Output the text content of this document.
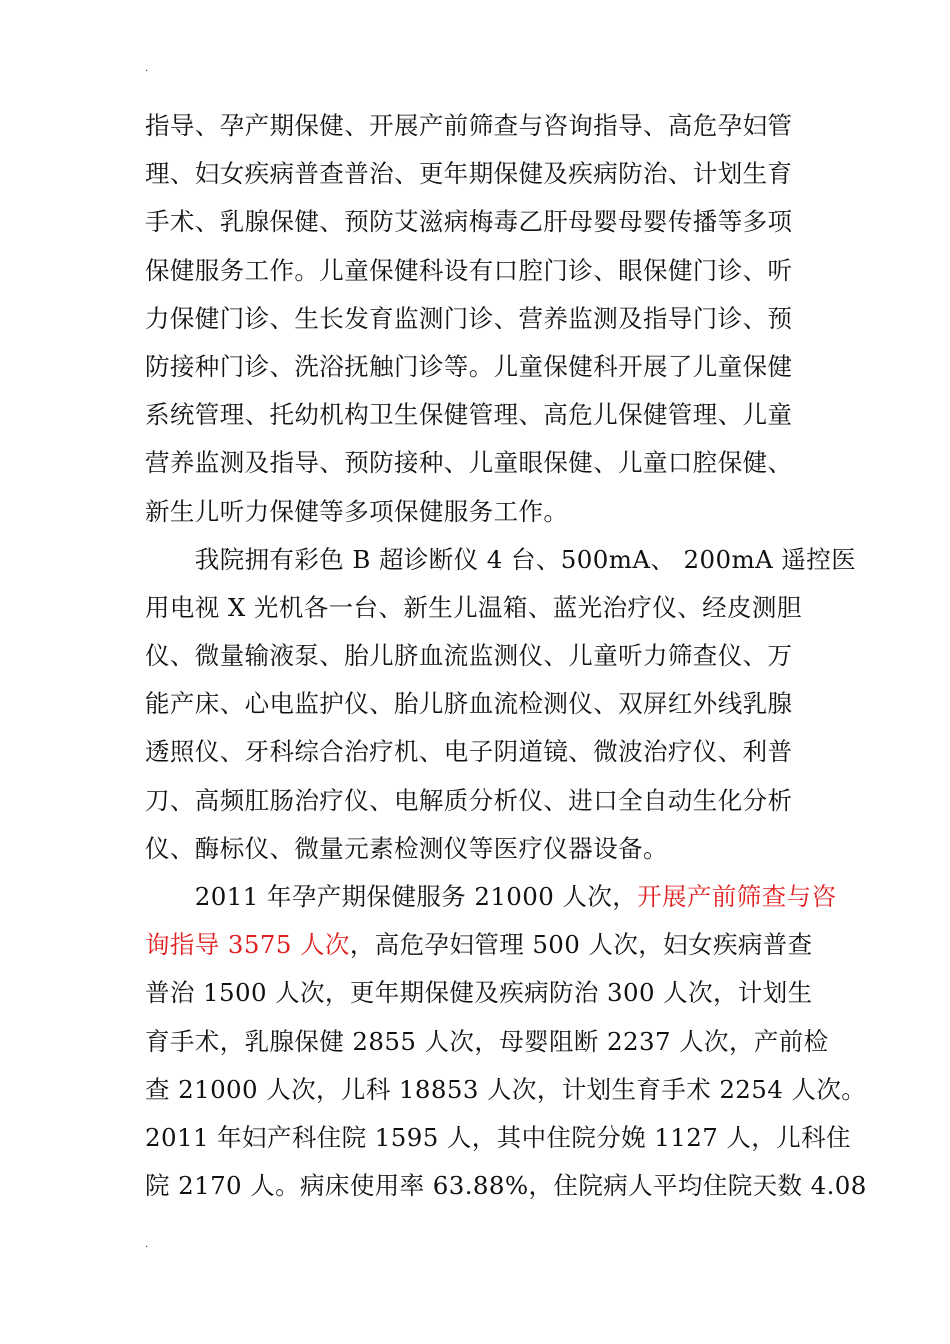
.
指导、孕产期保健、开展产前筛查与咨询指导、高危孕妇管
理、妇女疾病普查普治、更年期保健及疾病防治、计划生育
手术、乳腺保健、预防艾滋病梅毒乙肝母婴母婴传播等多项
保健服务工作。儿童保健科设有口腔门诊、眼保健门诊、听
力保健门诊、生长发育监测门诊、营养监测及指导门诊、预
防接种门诊、洗浴抚触门诊等。儿童保健科开展了儿童保健
系统管理、托幼机构卫生保健管理、高危儿保健管理、儿童
营养监测及指导、预防接种、儿童眼保健、儿童口腔保健、
新生儿听力保健等多项保健服务工作。
　　我院拥有彩色 B 超诊断仪 4 台、500mA、 200mA 遥控医
用电视 X 光机各一台、新生儿温箱、蓝光治疗仪、经皮测胆
仪、微量输液泵、胎儿脐血流监测仪、儿童听力筛查仪、万
能产床、心电监护仪、胎儿脐血流检测仪、双屏红外线乳腺
透照仪、牙科综合治疗机、电子阴道镜、微波治疗仪、利普
刀、高频肛肠治疗仪、电解质分析仪、进口全自动生化分析
仪、酶标仪、微量元素检测仪等医疗仪器设备。
　　2011 年孕产期保健服务 21000 人次，开展产前筛查与咨
询指导 3575 人次，高危孕妇管理 500 人次，妇女疾病普查
普治 1500 人次，更年期保健及疾病防治 300 人次，计划生
育手术，乳腺保健 2855 人次，母婴阻断 2237 人次，产前检
查 21000 人次，儿科 18853 人次，计划生育手术 2254 人次。
2011 年妇产科住院 1595 人，其中住院分娩 1127 人，儿科住
院 2170 人。病床使用率 63.88%，住院病人平均住院天数 4.08
.
